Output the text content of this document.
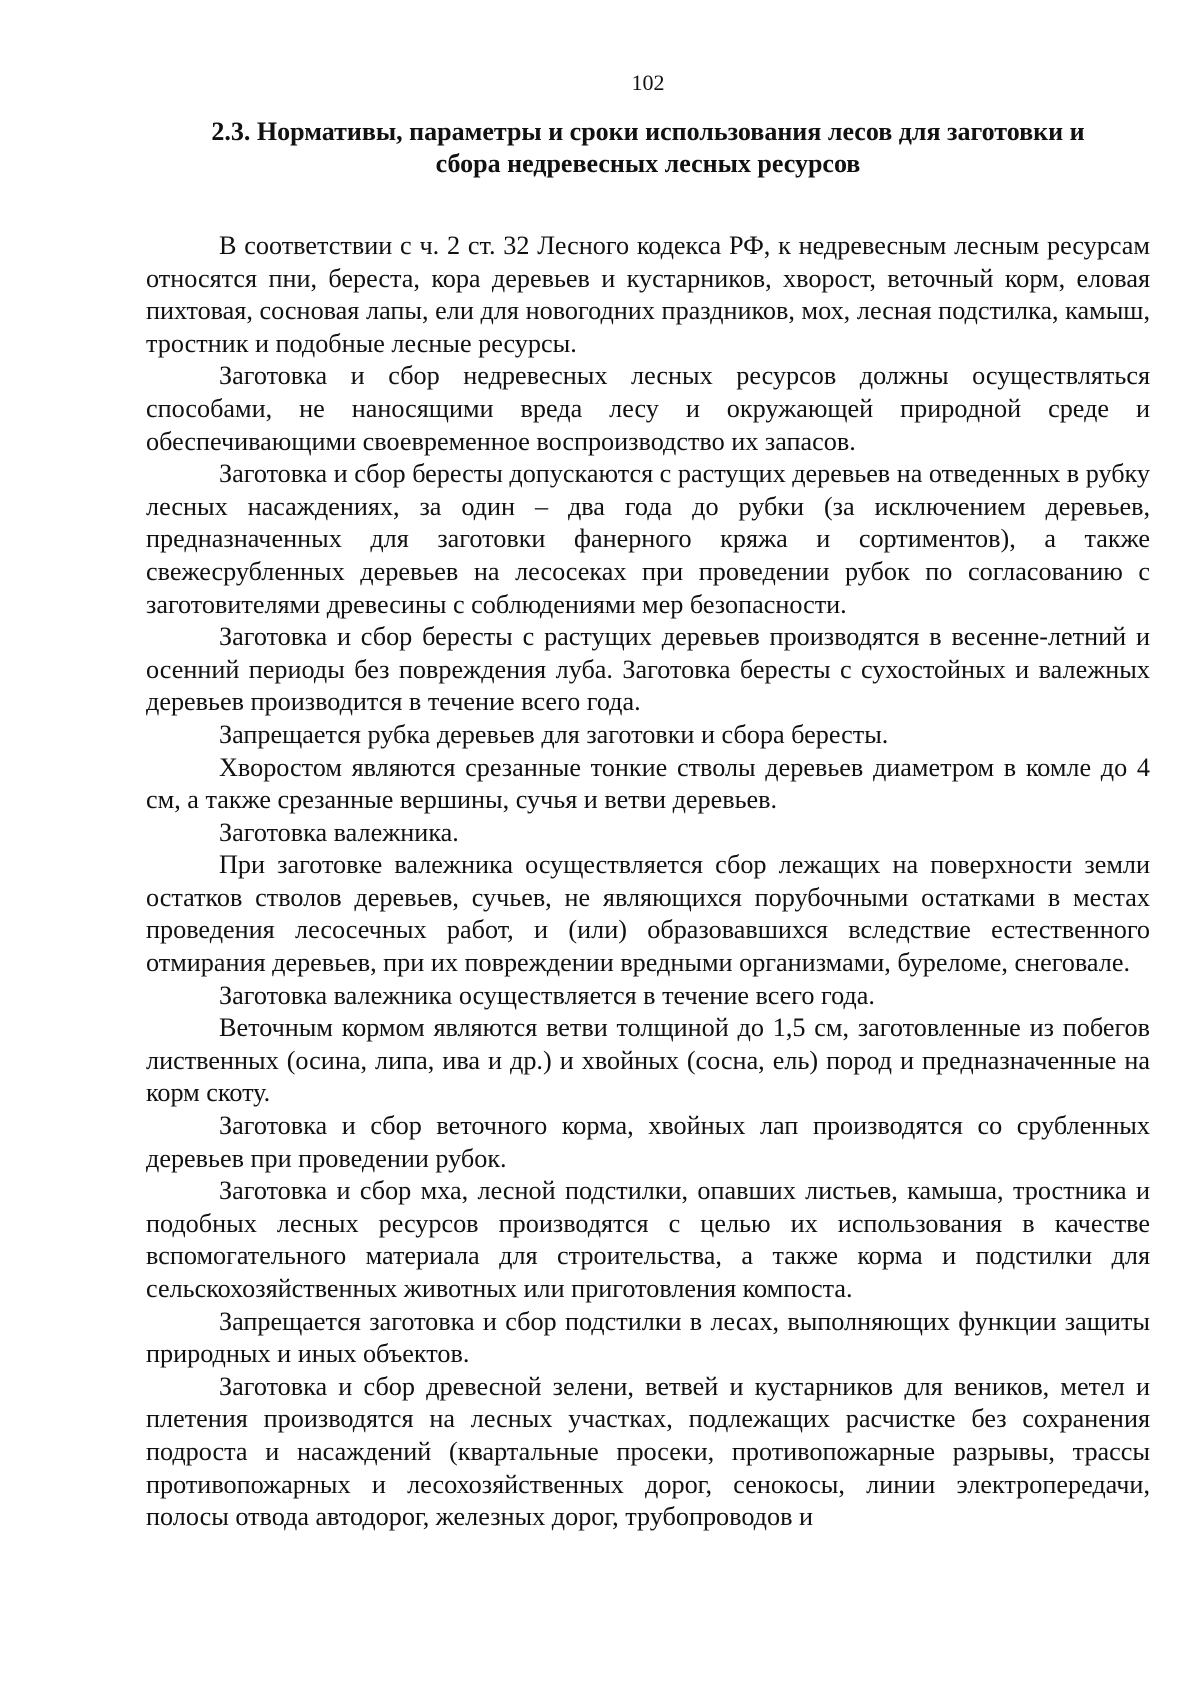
102
2.3. Нормативы, параметры и сроки использования лесов для заготовки и
сбора недревесных лесных ресурсов

В соответствии с ч. 2 ст. 32 Лесного кодекса РФ, к недревесным лесным ресурсам относятся пни, береста, кора деревьев и кустарников, хворост, веточный корм, еловая пихтовая, сосновая лапы, ели для новогодних праздников, мох, лесная подстилка, камыш, тростник и подобные лесные ресурсы.

Заготовка и сбор недревесных лесных ресурсов должны осуществляться способами, не наносящими вреда лесу и окружающей природной среде и обеспечивающими своевременное воспроизводство их запасов.

Заготовка и сбор бересты допускаются с растущих деревьев на отведенных в рубку лесных насаждениях, за один – два года до рубки (за исключением деревьев, предназначенных для заготовки фанерного кряжа и сортиментов), а также свежесрубленных деревьев на лесосеках при проведении рубок по согласованию с заготовителями древесины с соблюдениями мер безопасности.

Заготовка и сбор бересты с растущих деревьев производятся в весенне-летний и осенний периоды без повреждения луба. Заготовка бересты с сухостойных и валежных деревьев производится в течение всего года.

Запрещается рубка деревьев для заготовки и сбора бересты.

Хворостом являются срезанные тонкие стволы деревьев диаметром в комле до 4 см, а также срезанные вершины, сучья и ветви деревьев.

Заготовка валежника.

При заготовке валежника осуществляется сбор лежащих на поверхности земли остатков стволов деревьев, сучьев, не являющихся порубочными остатками в местах проведения лесосечных работ, и (или) образовавшихся вследствие естественного отмирания деревьев, при их повреждении вредными организмами, буреломе, снеговале.

Заготовка валежника осуществляется в течение всего года.

Веточным кормом являются ветви толщиной до 1,5 см, заготовленные из побегов лиственных (осина, липа, ива и др.) и хвойных (сосна, ель) пород и предназначенные на корм скоту.

Заготовка и сбор веточного корма, хвойных лап производятся со срубленных деревьев при проведении рубок.

Заготовка и сбор мха, лесной подстилки, опавших листьев, камыша, тростника и подобных лесных ресурсов производятся с целью их использования в качестве вспомогательного материала для строительства, а также корма и подстилки для сельскохозяйственных животных или приготовления компоста.

Запрещается заготовка и сбор подстилки в лесах, выполняющих функции защиты природных и иных объектов.

Заготовка и сбор древесной зелени, ветвей и кустарников для веников, метел и плетения производятся на лесных участках, подлежащих расчистке без сохранения подроста и насаждений (квартальные просеки, противопожарные разрывы, трассы противопожарных и лесохозяйственных дорог, сенокосы, линии электропередачи, полосы отвода автодорог, железных дорог, трубопроводов и
